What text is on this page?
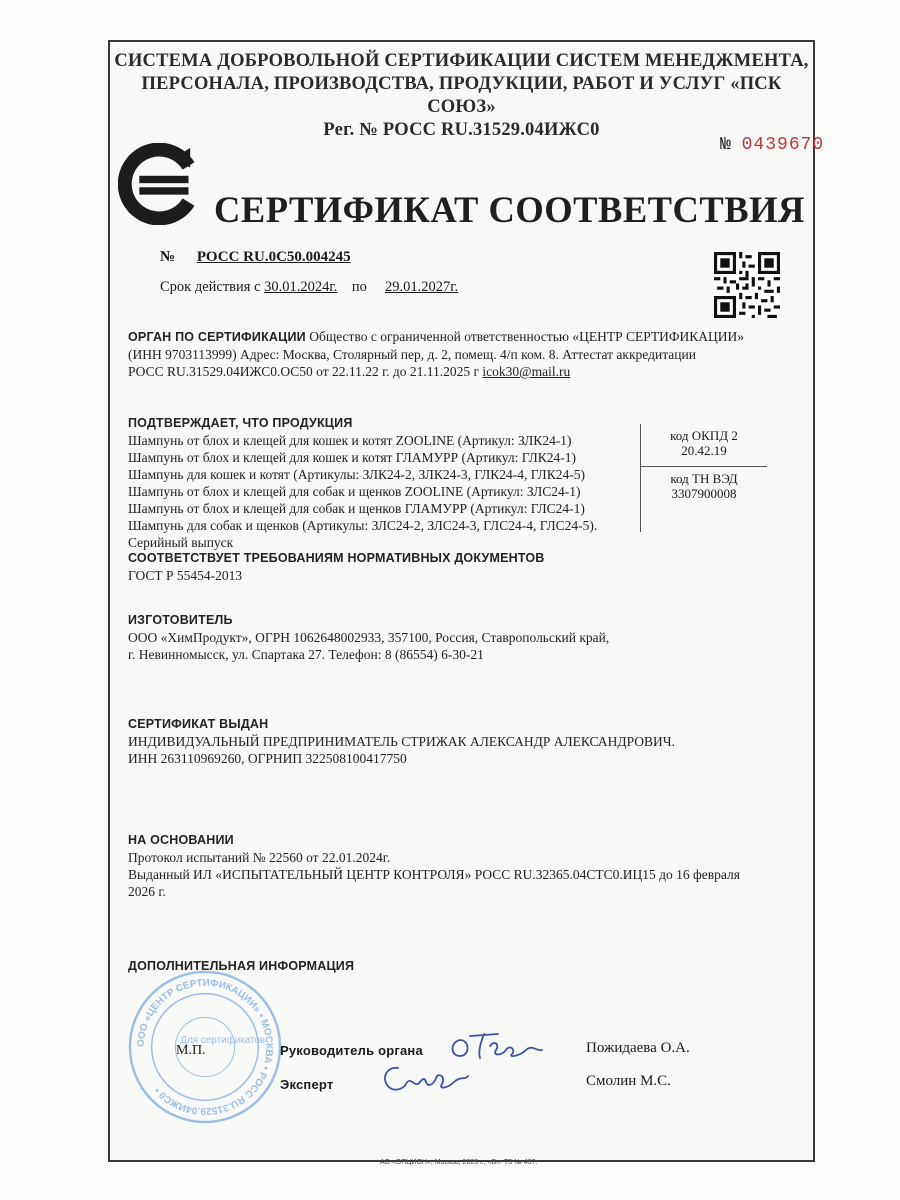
СИСТЕМА ДОБРОВОЛЬНОЙ СЕРТИФИКАЦИИ СИСТЕМ МЕНЕДЖМЕНТА,
ПЕРСОНАЛА, ПРОИЗВОДСТВА, ПРОДУКЦИИ, РАБОТ И УСЛУГ «ПСК СОЮЗ»
Рег. № РОСС RU.31529.04ИЖС0
№ 0439670
СЕРТИФИКАТ СООТВЕТСТВИЯ
№ РОСС RU.0С50.004245
Срок действия с 30.01.2024г. по 29.01.2027г.
ОРГАН ПО СЕРТИФИКАЦИИ Общество с ограниченной ответственностью «ЦЕНТР СЕРТИФИКАЦИИ»
(ИНН 9703113999) Адрес: Москва, Столярный пер, д. 2, помещ. 4/п ком. 8. Аттестат аккредитации
РОСС RU.31529.04ИЖС0.ОС50 от 22.11.22 г. до 21.11.2025 г icok30@mail.ru
ПОДТВЕРЖДАЕТ, ЧТО ПРОДУКЦИЯ
Шампунь от блох и клещей для кошек и котят ZOOLINE (Артикул: ЗЛК24-1)
Шампунь от блох и клещей для кошек и котят ГЛАМУРР (Артикул: ГЛК24-1)
Шампунь для кошек и котят (Артикулы: ЗЛК24-2, ЗЛК24-3, ГЛК24-4, ГЛК24-5)
Шампунь от блох и клещей для собак и щенков ZOOLINE (Артикул: ЗЛС24-1)
Шампунь от блох и клещей для собак и щенков ГЛАМУРР (Артикул: ГЛС24-1)
Шампунь для собак и щенков (Артикулы: ЗЛС24-2, ЗЛС24-3, ГЛС24-4, ГЛС24-5).
Серийный выпуск
код ОКПД 2
20.42.19
код ТН ВЭД
3307900008
СООТВЕТСТВУЕТ ТРЕБОВАНИЯМ НОРМАТИВНЫХ ДОКУМЕНТОВ
ГОСТ Р 55454-2013
ИЗГОТОВИТЕЛЬ
ООО «ХимПродукт», ОГРН 1062648002933, 357100, Россия, Ставропольский край,
г. Невинномысск, ул. Спартака 27. Телефон: 8 (86554) 6-30-21
СЕРТИФИКАТ ВЫДАН
ИНДИВИДУАЛЬНЫЙ ПРЕДПРИНИМАТЕЛЬ СТРИЖАК АЛЕКСАНДР АЛЕКСАНДРОВИЧ.
ИНН 263110969260, ОГРНИП 322508100417750
НА ОСНОВАНИИ
Протокол испытаний № 22560 от 22.01.2024г.
Выданный ИЛ «ИСПЫТАТЕЛЬНЫЙ ЦЕНТР КОНТРОЛЯ» РОСС RU.32365.04СТС0.ИЦ15 до 16 февраля
2026 г.
ДОПОЛНИТЕЛЬНАЯ ИНФОРМАЦИЯ
ООО «ЦЕНТР СЕРТИФИКАЦИИ» • МОСКВА • РОСС RU.31529.04ИЖС0 •
Для сертификатов
М.П.	Руководитель органа	Пожидаева О.А.
Эксперт	Смолин М.С.
АО «ОПЦИОН», Москва, 2023 г., «В». ТЗ № 437.
